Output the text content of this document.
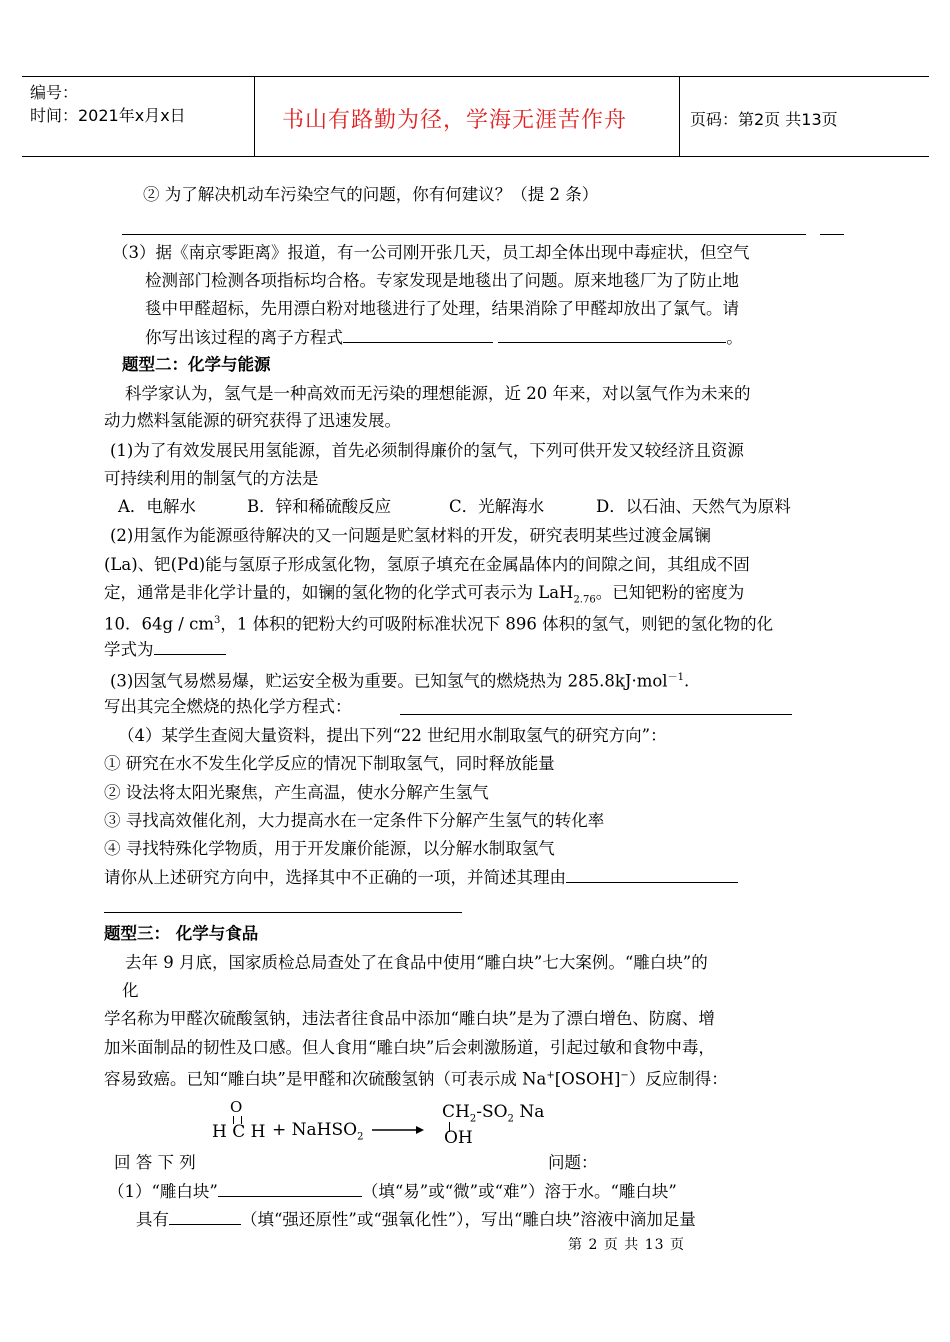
编号：
时间：2021年x月x日	书山有路勤为径，学海无涯苦作舟	页码：第2页 共13页
② 为了解决机动车污染空气的问题，你有何建议？（提 2 条）
（3）据《南京零距离》报道，有一公司刚开张几天，员工却全体出现中毒症状，但空气
检测部门检测各项指标均合格。专家发现是地毯出了问题。原来地毯厂为了防止地
毯中甲醛超标，先用漂白粉对地毯进行了处理，结果消除了甲醛却放出了氯气。请
你写出该过程的离子方程式	。
题型二：化学与能源
科学家认为，氢气是一种高效而无污染的理想能源，近 20 年来，对以氢气作为未来的
动力燃料氢能源的研究获得了迅速发展。
(1)为了有效发展民用氢能源，首先必须制得廉价的氢气，下列可供开发又较经济且资源
可持续利用的制氢气的方法是
A．电解水	B．锌和稀硫酸反应	C．光解海水	D．以石油、天然气为原料
(2)用氢作为能源亟待解决的又一问题是贮氢材料的开发，研究表明某些过渡金属镧
(La)、钯(Pd)能与氢原子形成氢化物，氢原子填充在金属晶体内的间隙之间，其组成不固
定，通常是非化学计量的，如镧的氢化物的化学式可表示为 LaH$_{2.76}$。已知钯粉的密度为
10．$64g / cm^3$，1 体积的钯粉大约可吸附标准状况下 896 体积的氢气，则钯的氢化物的化
学式为
(3)因氢气易燃易爆，贮运安全极为重要。已知氢气的燃烧热为 285.8kJ·mol$^{-1}$.
写出其完全燃烧的热化学方程式：
（4）某学生查阅大量资料，提出下列“22 世纪用水制取氢气的研究方向”：
① 研究在水不发生化学反应的情况下制取氢气，同时释放能量
② 设法将太阳光聚焦，产生高温，使水分解产生氢气
③ 寻找高效催化剂，大力提高水在一定条件下分解产生氢气的转化率
④ 寻找特殊化学物质，用于开发廉价能源，以分解水制取氢气
请你从上述研究方向中，选择其中不正确的一项，并简述其理由
题型三： 化学与食品
去年 9 月底，国家质检总局查处了在食品中使用“雕白块”七大案例。“雕白块”的
化
学名称为甲醛次硫酸氢钠，违法者往食品中添加“雕白块”是为了漂白增色、防腐、增
加米面制品的韧性及口感。但人食用“雕白块”后会刺激肠道，引起过敏和食物中毒，
容易致癌。已知“雕白块”是甲醛和次硫酸氢钠（可表示成 Na+[OSOH]−）反应制得：
O
H C H + NaHSO$_2$
$CH_2-SO_2$ Na
OH
回 答 下 列	问题：
（1）“雕白块”	（填“易”或“微”或“难”）溶于水。“雕白块”
具有	（填“强还原性”或“强氧化性”），写出“雕白块”溶液中滴加足量
第 2 页 共 13 页
